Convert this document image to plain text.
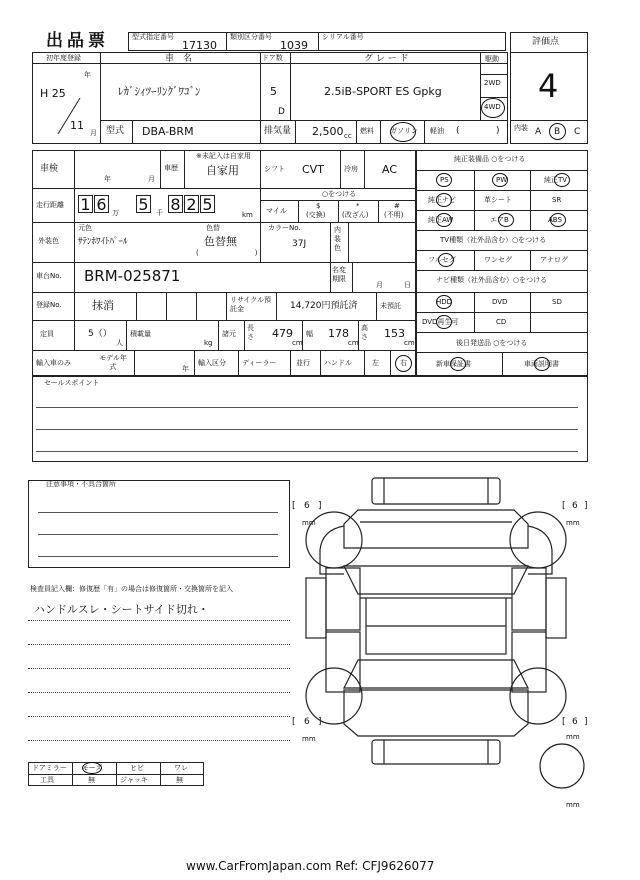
出品票	型式指定番号
17130
類別区分番号
1039
シリアル番号	評価点
4
初年度登録
H 25
年
11
月
車　名
ﾚｶﾞｼｨﾂｰﾘﾝｸﾞﾜｺﾞﾝ
ドア数
5
D
グ レ ー ド
2.5iB-SPORT ES Gpkg
駆動
2WD
4WD
型式 DBA-BRM	排気量 2,500 cc
燃料 ガソリン 軽油 (	) 内装 A B C
車検
年	月
車歴
※未記入は自家用
自家用	シフト CVT	冷房 AC
走行距離 1 6 万 5	千 8 2 5
km
○をつける
マイル
$
(交換)
*
(改ざん)
#
(不明)
外装色
元色
ｻﾃﾝﾎﾜｲﾄﾊﾟｰﾙ
色替
色替無
(　　　　　　　　)
カラーNo.
37J
内装色
車台No. BRM-025871	名変期限
月	日
登録No.	抹消	リサイクル預託金	14,720円預託済	未預託
定員	5（）
人
積載量
kg
諸元
長さ 479
cm
幅 178
cm
高さ 153
cm
輸入車のみ
モデル年式	年
輸入区分 ディーラー	並行 ハンドル	左	右
純正装備品 ○をつける
PS	PW	純正TV
純正ナビ	革シート	SR
純正AW	エアB	ABS
TV種類（社外品含む）○をつける
フルセグ	ワンセグ	アナログ
ナビ種類（社外品含む）○をつける
HDD	DVD	SD
DVD再生可	CD
後日発送品 ○をつける
新車保証書	車両説明書
セールスポイント
注意事項・不具合箇所
検査員記入欄：修復歴「有」の場合は修復箇所・交換箇所を記入
ハンドルスレ・シートサイド切れ・
[ 6 ]
mm
[ 6 ]
mm
[ 6 ]
mm
[ 6 ]
mm
mm
ドアミラー モーズ	ヒビ	ワレ
工具	無	ジャッキ	無
www.CarFromJapan.com Ref: CFJ9626077
